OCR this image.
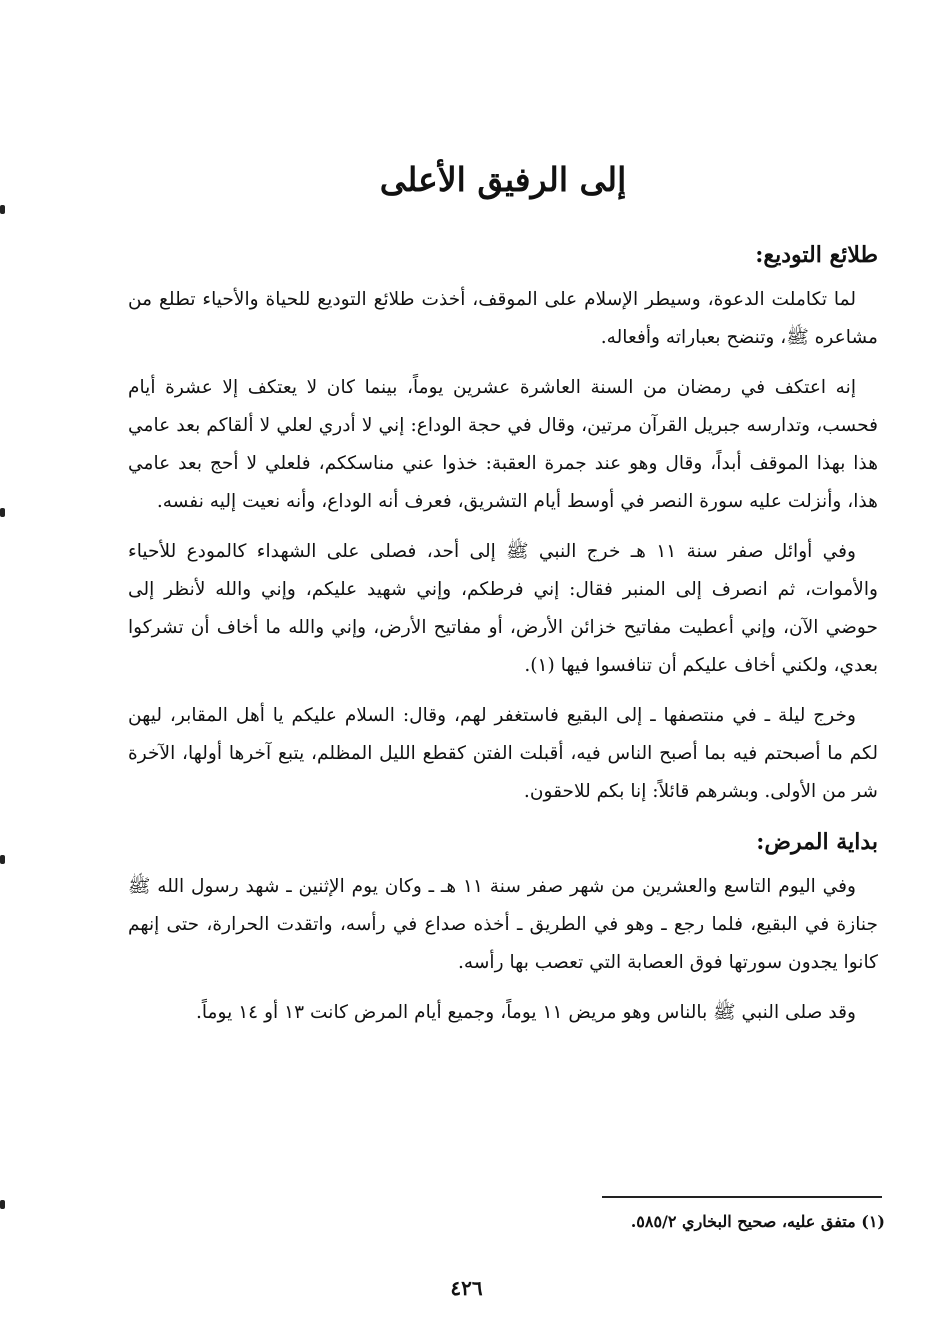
إلى الرفيق الأعلى
طلائع التوديع:

لما تكاملت الدعوة، وسيطر الإسلام على الموقف، أخذت طلائع التوديع للحياة والأحياء تطلع من مشاعره ﷺ، وتنضح بعباراته وأفعاله.

إنه اعتكف في رمضان من السنة العاشرة عشرين يوماً، بينما كان لا يعتكف إلا عشرة أيام فحسب، وتدارسه جبريل القرآن مرتين، وقال في حجة الوداع: إني لا أدري لعلي لا ألقاكم بعد عامي هذا بهذا الموقف أبداً، وقال وهو عند جمرة العقبة: خذوا عني مناسككم، فلعلي لا أحج بعد عامي هذا، وأنزلت عليه سورة النصر في أوسط أيام التشريق، فعرف أنه الوداع، وأنه نعيت إليه نفسه.

وفي أوائل صفر سنة ١١ هـ خرج النبي ﷺ إلى أحد، فصلى على الشهداء كالمودع للأحياء والأموات، ثم انصرف إلى المنبر فقال: إني فرطكم، وإني شهيد عليكم، وإني والله لأنظر إلى حوضي الآن، وإني أعطيت مفاتيح خزائن الأرض، أو مفاتيح الأرض، وإني والله ما أخاف أن تشركوا بعدي، ولكني أخاف عليكم أن تنافسوا فيها (١).

وخرج ليلة ـ في منتصفها ـ إلى البقيع فاستغفر لهم، وقال: السلام عليكم يا أهل المقابر، ليهن لكم ما أصبحتم فيه بما أصبح الناس فيه، أقبلت الفتن كقطع الليل المظلم، يتبع آخرها أولها، الآخرة شر من الأولى. وبشرهم قائلاً: إنا بكم للاحقون.

بداية المرض:

وفي اليوم التاسع والعشرين من شهر صفر سنة ١١ هـ ـ وكان يوم الإثنين ـ شهد رسول الله ﷺ جنازة في البقيع، فلما رجع ـ وهو في الطريق ـ أخذه صداع في رأسه، واتقدت الحرارة، حتى إنهم كانوا يجدون سورتها فوق العصابة التي تعصب بها رأسه.

وقد صلى النبي ﷺ بالناس وهو مريض ١١ يوماً، وجميع أيام المرض كانت ١٣ أو ١٤ يوماً.

(١) متفق عليه، صحيح البخاري ٥٨٥/٢.
٤٢٦
